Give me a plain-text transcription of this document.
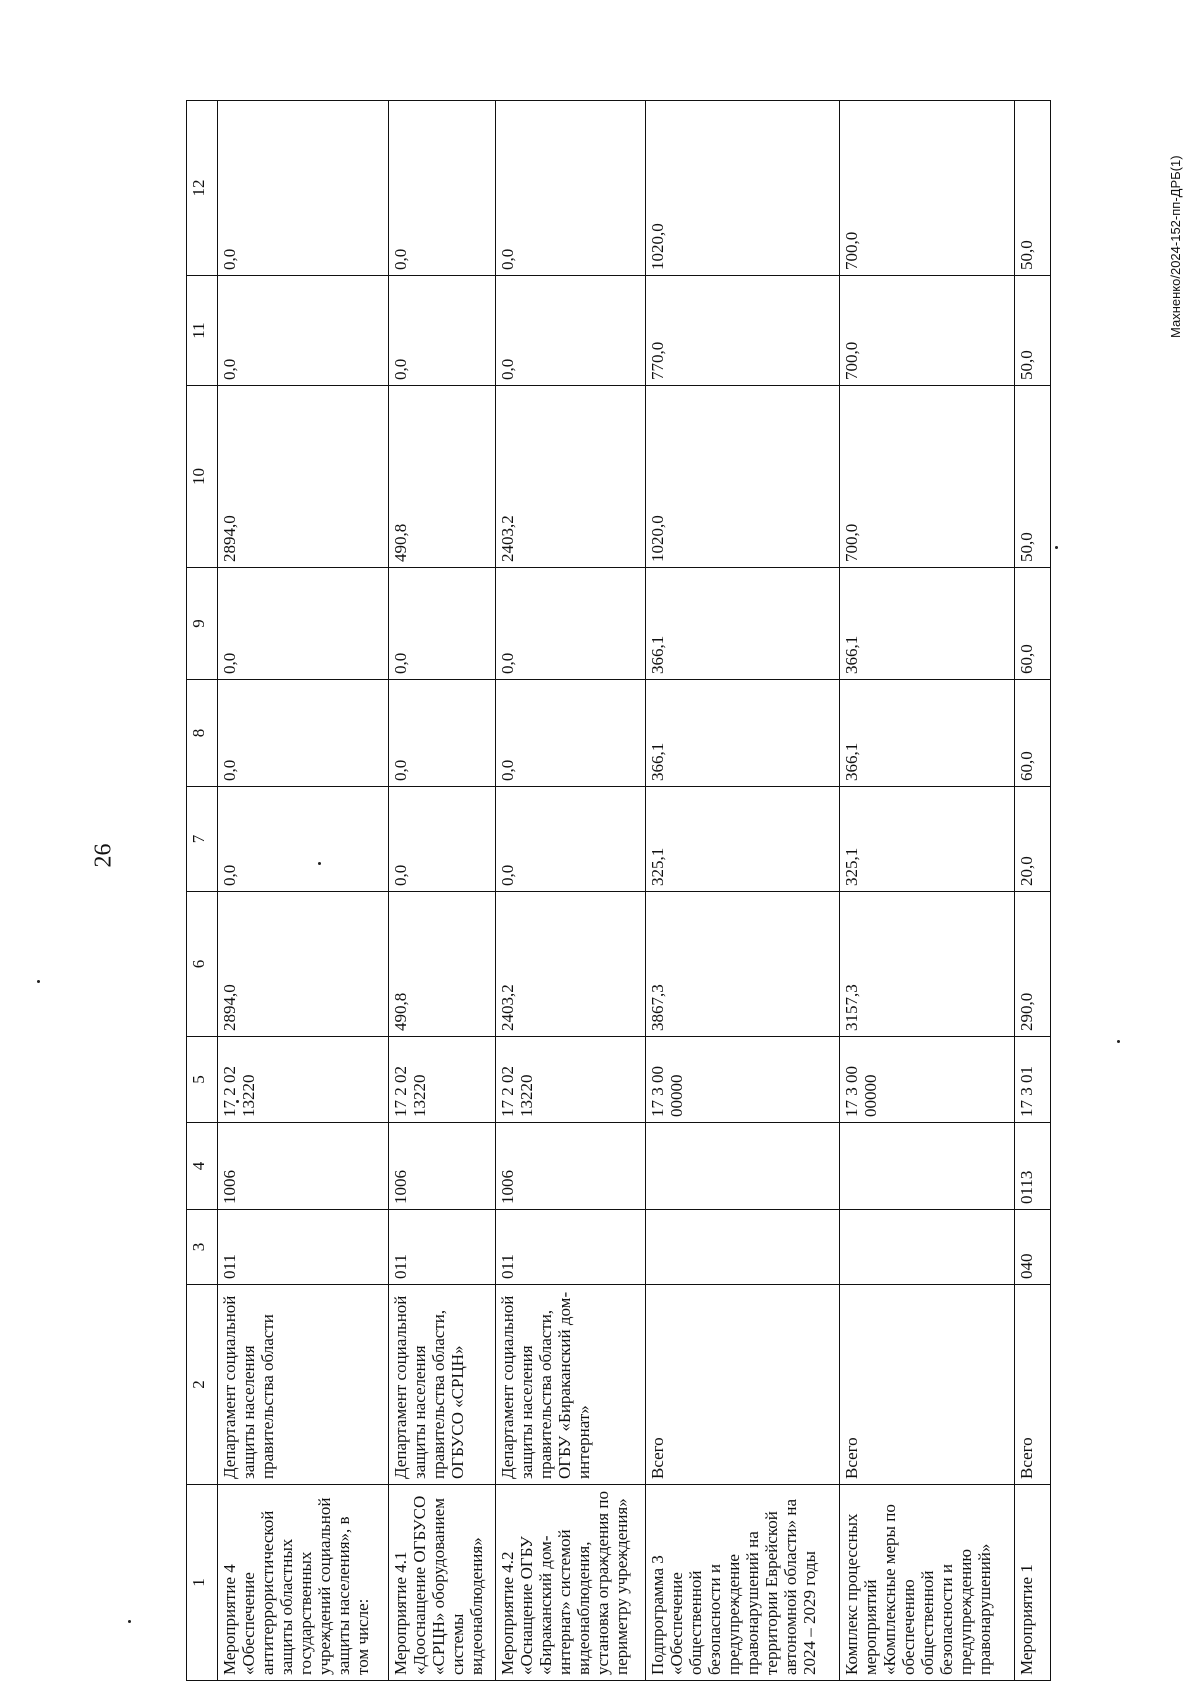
26
Махненко/2024-152-пп-ДРБ(1)
1	2	3	4	5	6	7	8	9	10	11	12
Мероприятие 4 «Обеспечение антитеррористической защиты областных государственных учреждений социальной защиты населения», в том числе:	Департамент социальной защиты населения правительства области	011	1006	17 2 02 13220	2894,0	0,0	0,0	0,0	2894,0	0,0	0,0
Мероприятие 4.1 «Дооснащение ОГБУСО «СРЦН» оборудованием системы видеонаблюдения»	Департамент социальной защиты населения правительства области, ОГБУСО «СРЦН»	011	1006	17 2 02 13220	490,8	0,0	0,0	0,0	490,8	0,0	0,0
Мероприятие 4.2 «Оснащение ОГБУ «Бираканский дом-интернат» системой видеонаблюдения, установка ограждения по периметру учреждения»	Департамент социальной защиты населения правительства области, ОГБУ «Бираканский дом-интернат»	011	1006	17 2 02 13220	2403,2	0,0	0,0	0,0	2403,2	0,0	0,0
Подпрограмма 3 «Обеспечение общественной безопасности и предупреждение правонарушений на территории Еврейской автономной области» на 2024 – 2029 годы	Всего			17 3 00 00000	3867,3	325,1	366,1	366,1	1020,0	770,0	1020,0
Комплекс процессных мероприятий «Комплексные меры по обеспечению общественной безопасности и предупреждению правонарушений»	Всего			17 3 00 00000	3157,3	325,1	366,1	366,1	700,0	700,0	700,0
Мероприятие 1	Всего	040	0113	17 3 01	290,0	20,0	60,0	60,0	50,0	50,0	50,0
